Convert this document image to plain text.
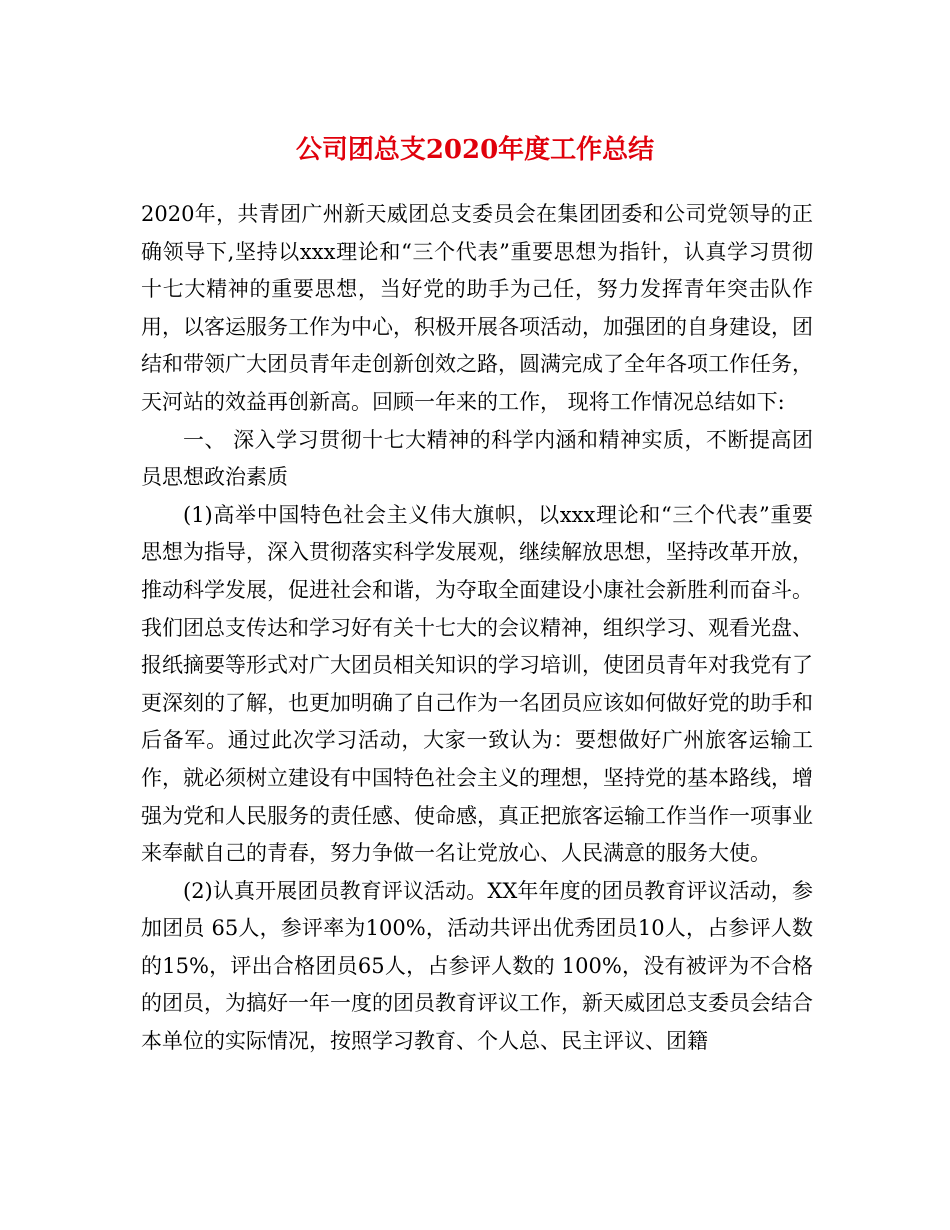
公司团总支2020年度工作总结

2020年，共青团广州新天威团总支委员会在集团团委和公司党领导的正确领导下,坚持以xxx理论和“三个代表”重要思想为指针，认真学习贯彻十七大精神的重要思想，当好党的助手为己任，努力发挥青年突击队作用，以客运服务工作为中心，积极开展各项活动，加强团的自身建设，团结和带领广大团员青年走创新创效之路，圆满完成了全年各项工作任务，天河站的效益再创新高。回顾一年来的工作， 现将工作情况总结如下:

一、 深入学习贯彻十七大精神的科学内涵和精神实质，不断提高团员思想政治素质

(1)高举中国特色社会主义伟大旗帜，以xxx理论和“三个代表”重要思想为指导，深入贯彻落实科学发展观，继续解放思想，坚持改革开放，推动科学发展，促进社会和谐，为夺取全面建设小康社会新胜利而奋斗。我们团总支传达和学习好有关十七大的会议精神，组织学习、观看光盘、报纸摘要等形式对广大团员相关知识的学习培训，使团员青年对我党有了更深刻的了解，也更加明确了自己作为一名团员应该如何做好党的助手和后备军。通过此次学习活动，大家一致认为：要想做好广州旅客运输工作，就必须树立建设有中国特色社会主义的理想，坚持党的基本路线，增强为党和人民服务的责任感、使命感，真正把旅客运输工作当作一项事业来奉献自己的青春，努力争做一名让党放心、人民满意的服务大使。

(2)认真开展团员教育评议活动。XX年年度的团员教育评议活动，参加团员 65人，参评率为100%，活动共评出优秀团员10人，占参评人数的15%，评出合格团员65人，占参评人数的 100%，没有被评为不合格的团员，为搞好一年一度的团员教育评议工作，新天威团总支委员会结合本单位的实际情况，按照学习教育、个人总、民主评议、团籍
